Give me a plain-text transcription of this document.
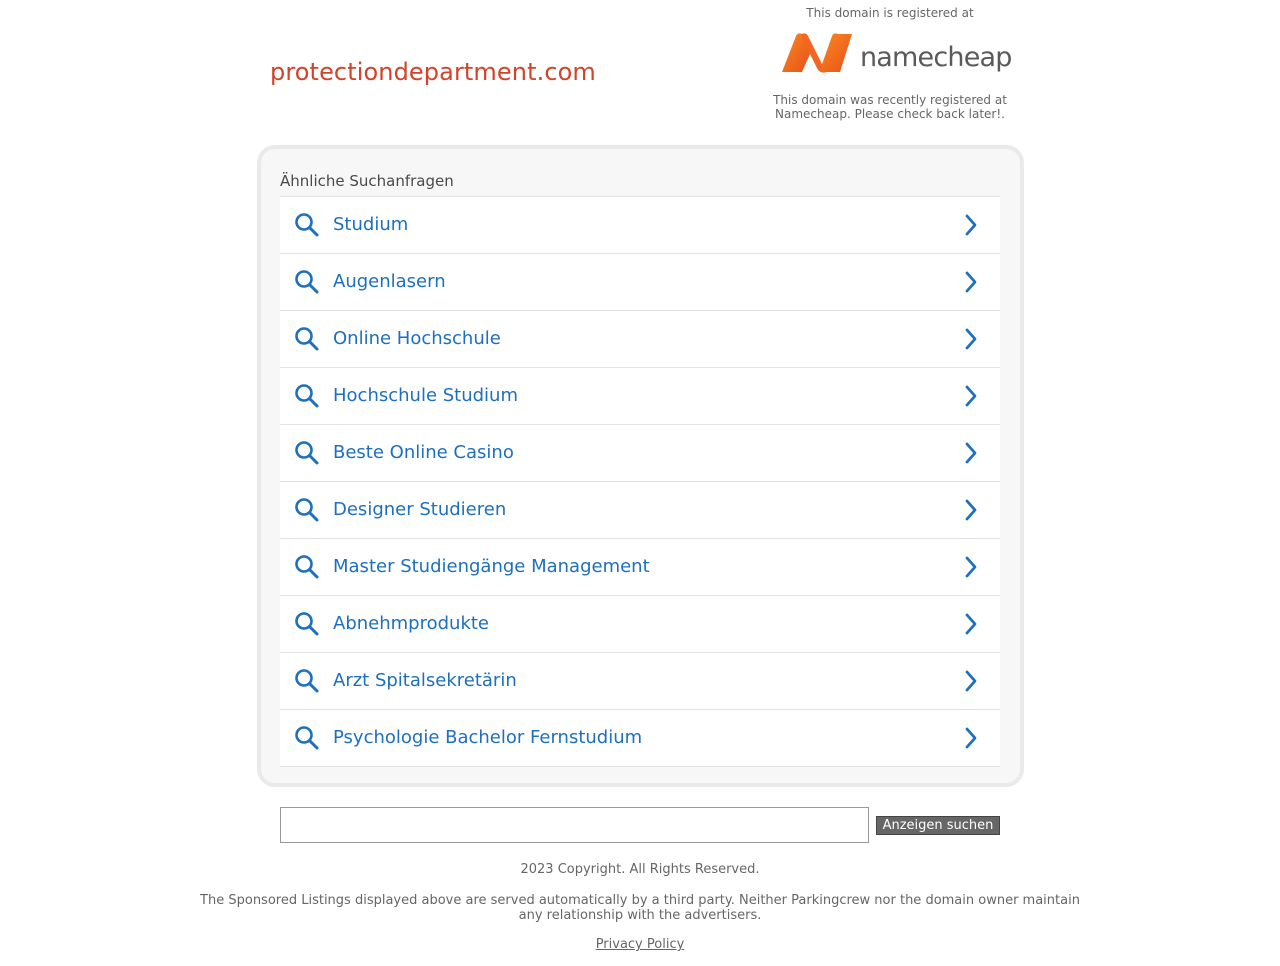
protectiondepartment.com
This domain is registered at
namecheap
This domain was recently registered at Namecheap. Please check back later!.
Ähnliche Suchanfragen
Studium
Augenlasern
Online Hochschule
Hochschule Studium
Beste Online Casino
Designer Studieren
Master Studiengänge Management
Abnehmprodukte
Arzt Spitalsekretärin
Psychologie Bachelor Fernstudium
Anzeigen suchen
2023 Copyright. All Rights Reserved.
The Sponsored Listings displayed above are served automatically by a third party. Neither Parkingcrew nor the domain owner maintain any relationship with the advertisers.
Privacy Policy
